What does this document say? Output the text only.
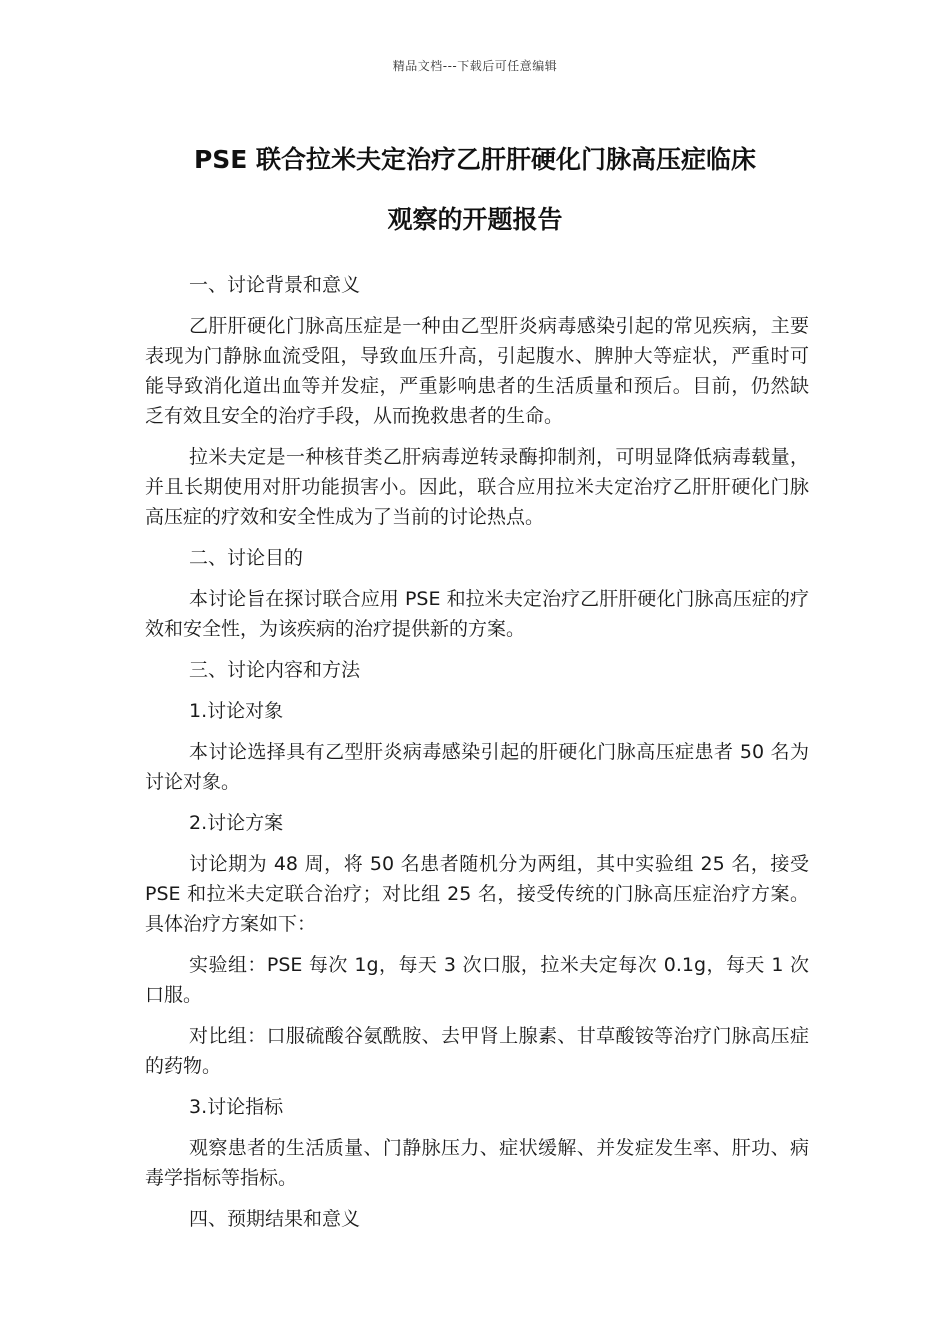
精品文档---下载后可任意编辑
PSE 联合拉米夫定治疗乙肝肝硬化门脉高压症临床
观察的开题报告
一、讨论背景和意义
乙肝肝硬化门脉高压症是一种由乙型肝炎病毒感染引起的常见疾病，主要表现为门静脉血流受阻，导致血压升高，引起腹水、脾肿大等症状，严重时可能导致消化道出血等并发症，严重影响患者的生活质量和预后。目前，仍然缺乏有效且安全的治疗手段，从而挽救患者的生命。
拉米夫定是一种核苷类乙肝病毒逆转录酶抑制剂，可明显降低病毒载量，并且长期使用对肝功能损害小。因此，联合应用拉米夫定治疗乙肝肝硬化门脉高压症的疗效和安全性成为了当前的讨论热点。
二、讨论目的
本讨论旨在探讨联合应用 PSE 和拉米夫定治疗乙肝肝硬化门脉高压症的疗效和安全性，为该疾病的治疗提供新的方案。
三、讨论内容和方法
1.讨论对象
本讨论选择具有乙型肝炎病毒感染引起的肝硬化门脉高压症患者 50 名为讨论对象。
2.讨论方案
讨论期为 48 周，将 50 名患者随机分为两组，其中实验组 25 名，接受 PSE 和拉米夫定联合治疗；对比组 25 名，接受传统的门脉高压症治疗方案。具体治疗方案如下：
实验组：PSE 每次 1g，每天 3 次口服，拉米夫定每次 0.1g，每天 1 次口服。
对比组：口服硫酸谷氨酰胺、去甲肾上腺素、甘草酸铵等治疗门脉高压症的药物。
3.讨论指标
观察患者的生活质量、门静脉压力、症状缓解、并发症发生率、肝功、病毒学指标等指标。
四、预期结果和意义
